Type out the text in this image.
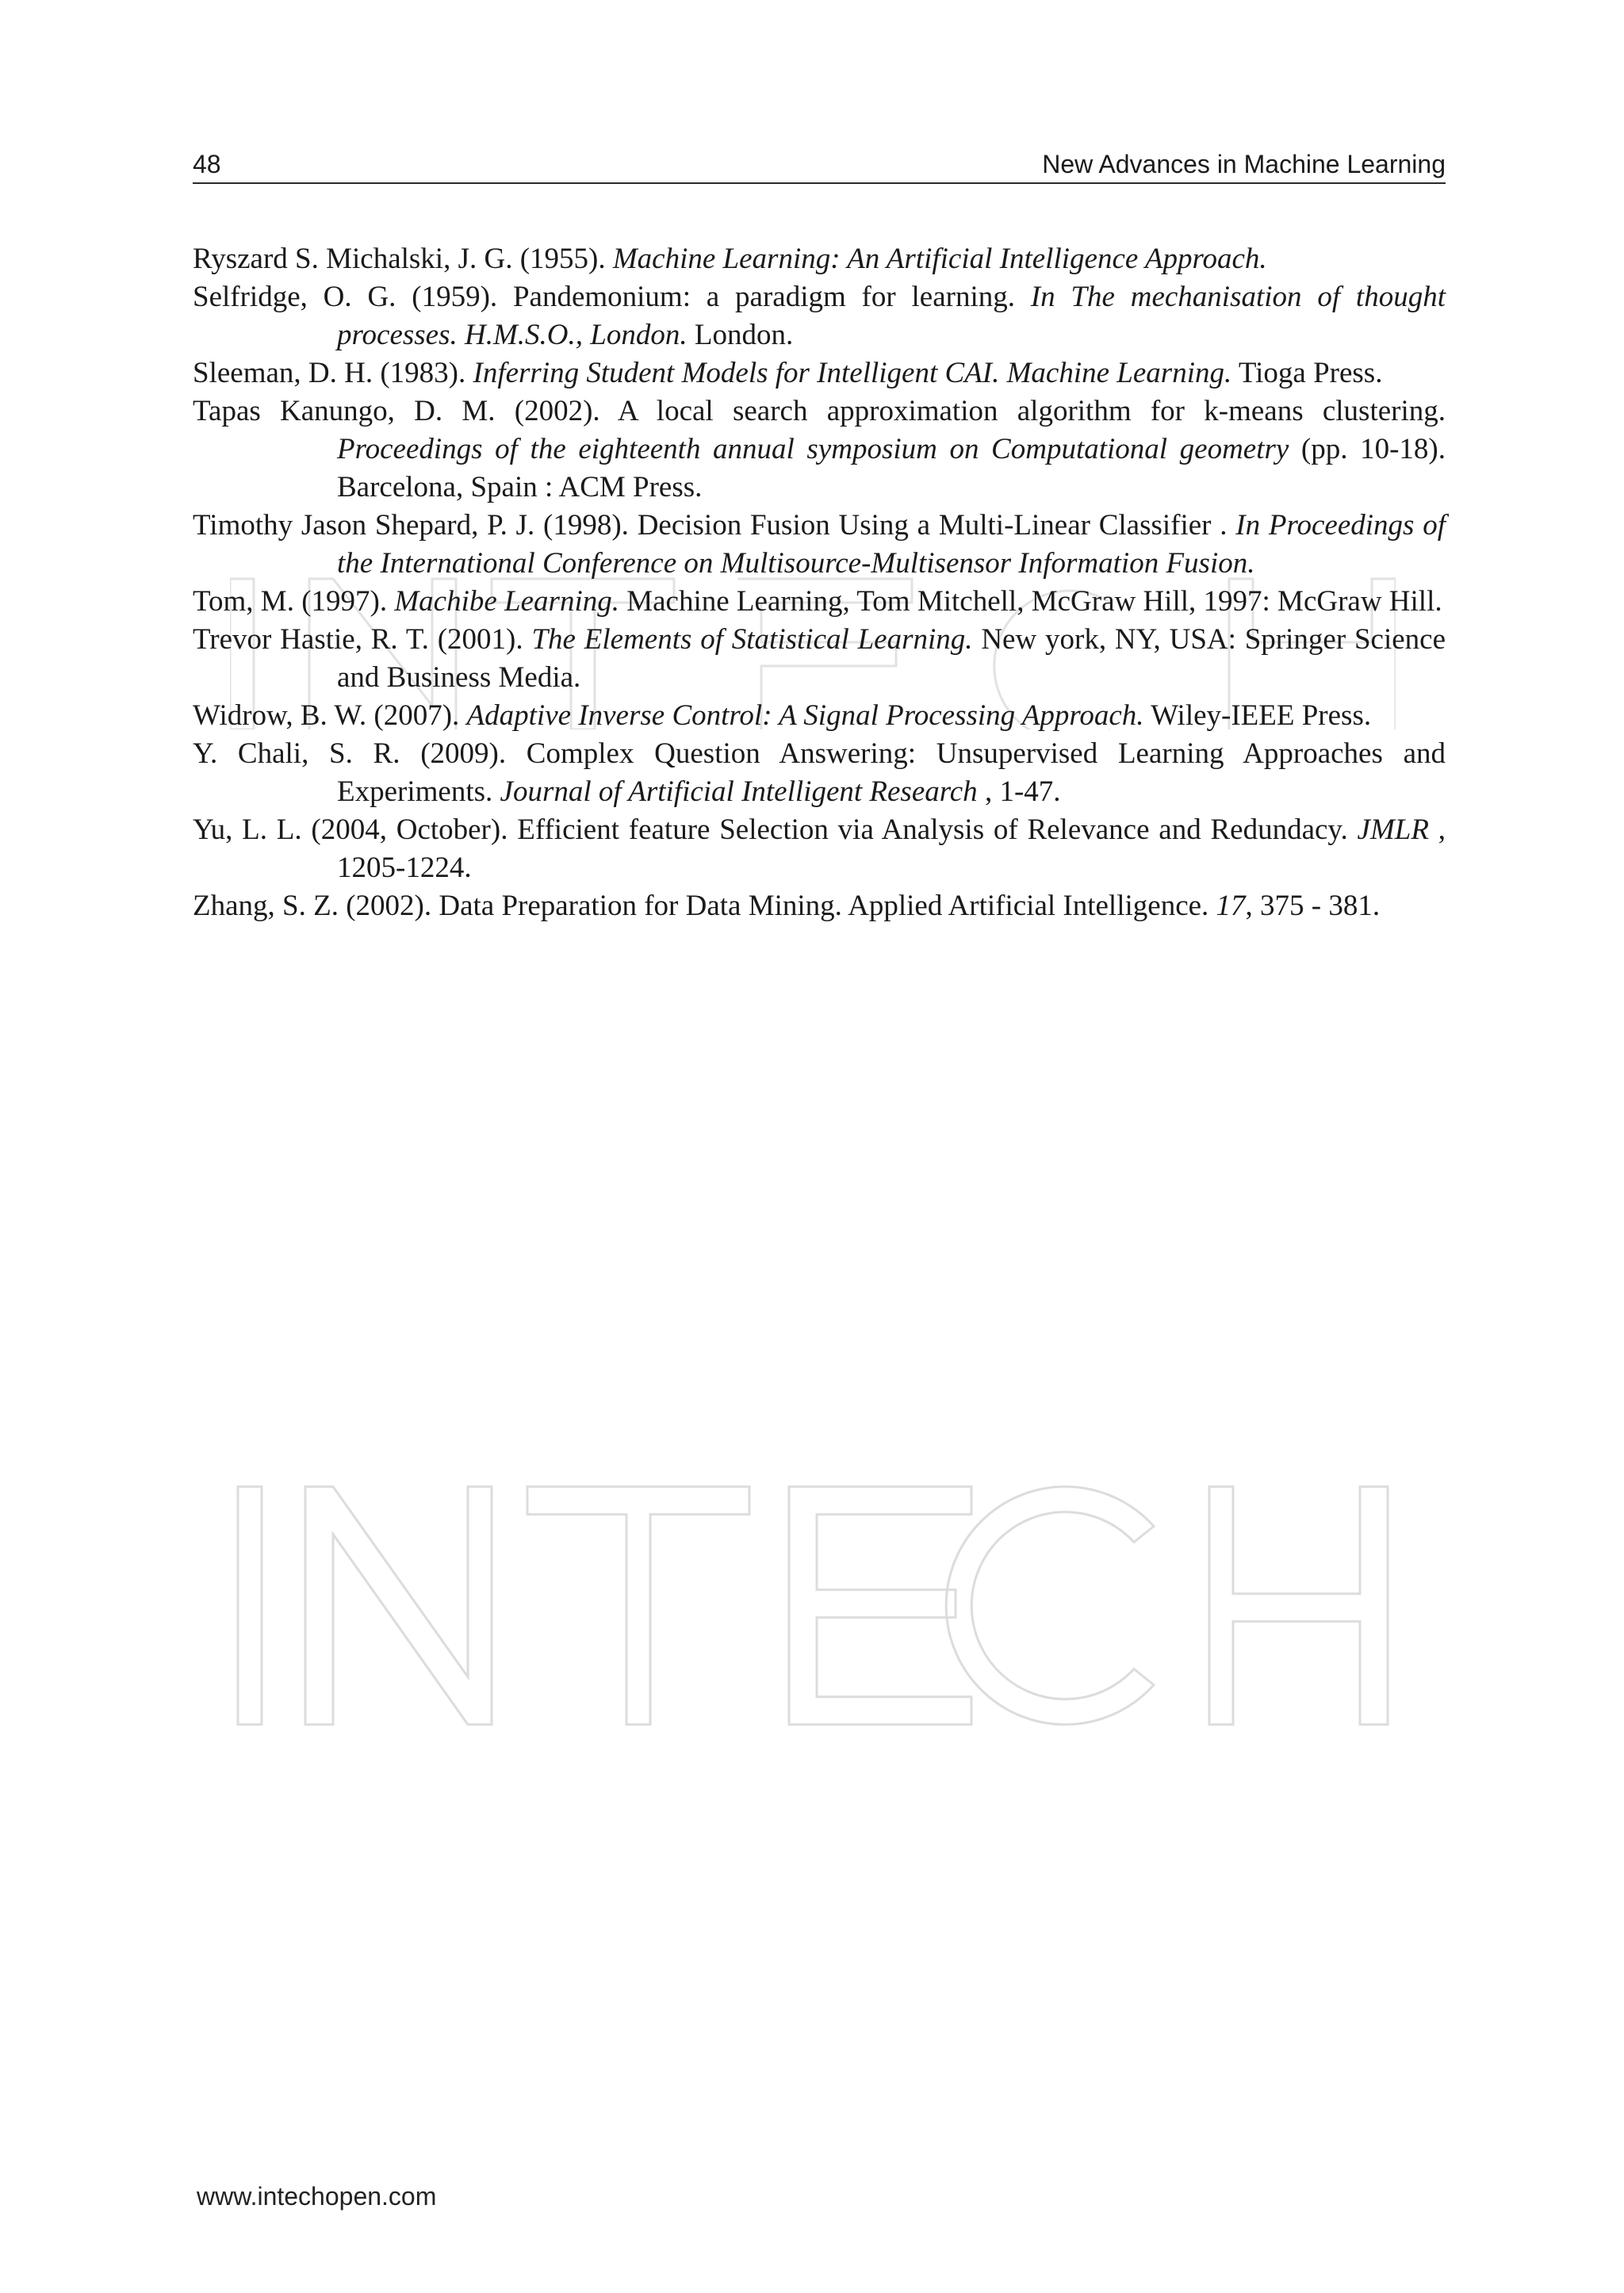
48	New Advances in Machine Learning
Ryszard S. Michalski, J. G. (1955). Machine Learning: An Artificial Intelligence Approach.
Selfridge, O. G. (1959). Pandemonium: a paradigm for learning. In The mechanisation of thought processes. H.M.S.O., London. London.
Sleeman, D. H. (1983). Inferring Student Models for Intelligent CAI. Machine Learning. Tioga Press.
Tapas Kanungo, D. M. (2002). A local search approximation algorithm for k-means clustering. Proceedings of the eighteenth annual symposium on Computational geometry (pp. 10-18). Barcelona, Spain : ACM Press.
Timothy Jason Shepard, P. J. (1998). Decision Fusion Using a Multi-Linear Classifier . In Proceedings of the International Conference on Multisource-Multisensor Information Fusion.
Tom, M. (1997). Machibe Learning. Machine Learning, Tom Mitchell, McGraw Hill, 1997: McGraw Hill.
Trevor Hastie, R. T. (2001). The Elements of Statistical Learning. New york, NY, USA: Springer Science and Business Media.
Widrow, B. W. (2007). Adaptive Inverse Control: A Signal Processing Approach. Wiley-IEEE Press.
Y. Chali, S. R. (2009). Complex Question Answering: Unsupervised Learning Approaches and Experiments. Journal of Artificial Intelligent Research , 1-47.
Yu, L. L. (2004, October). Efficient feature Selection via Analysis of Relevance and Redundacy. JMLR , 1205-1224.
Zhang, S. Z. (2002). Data Preparation for Data Mining. Applied Artificial Intelligence. 17, 375 - 381.
www.intechopen.com
